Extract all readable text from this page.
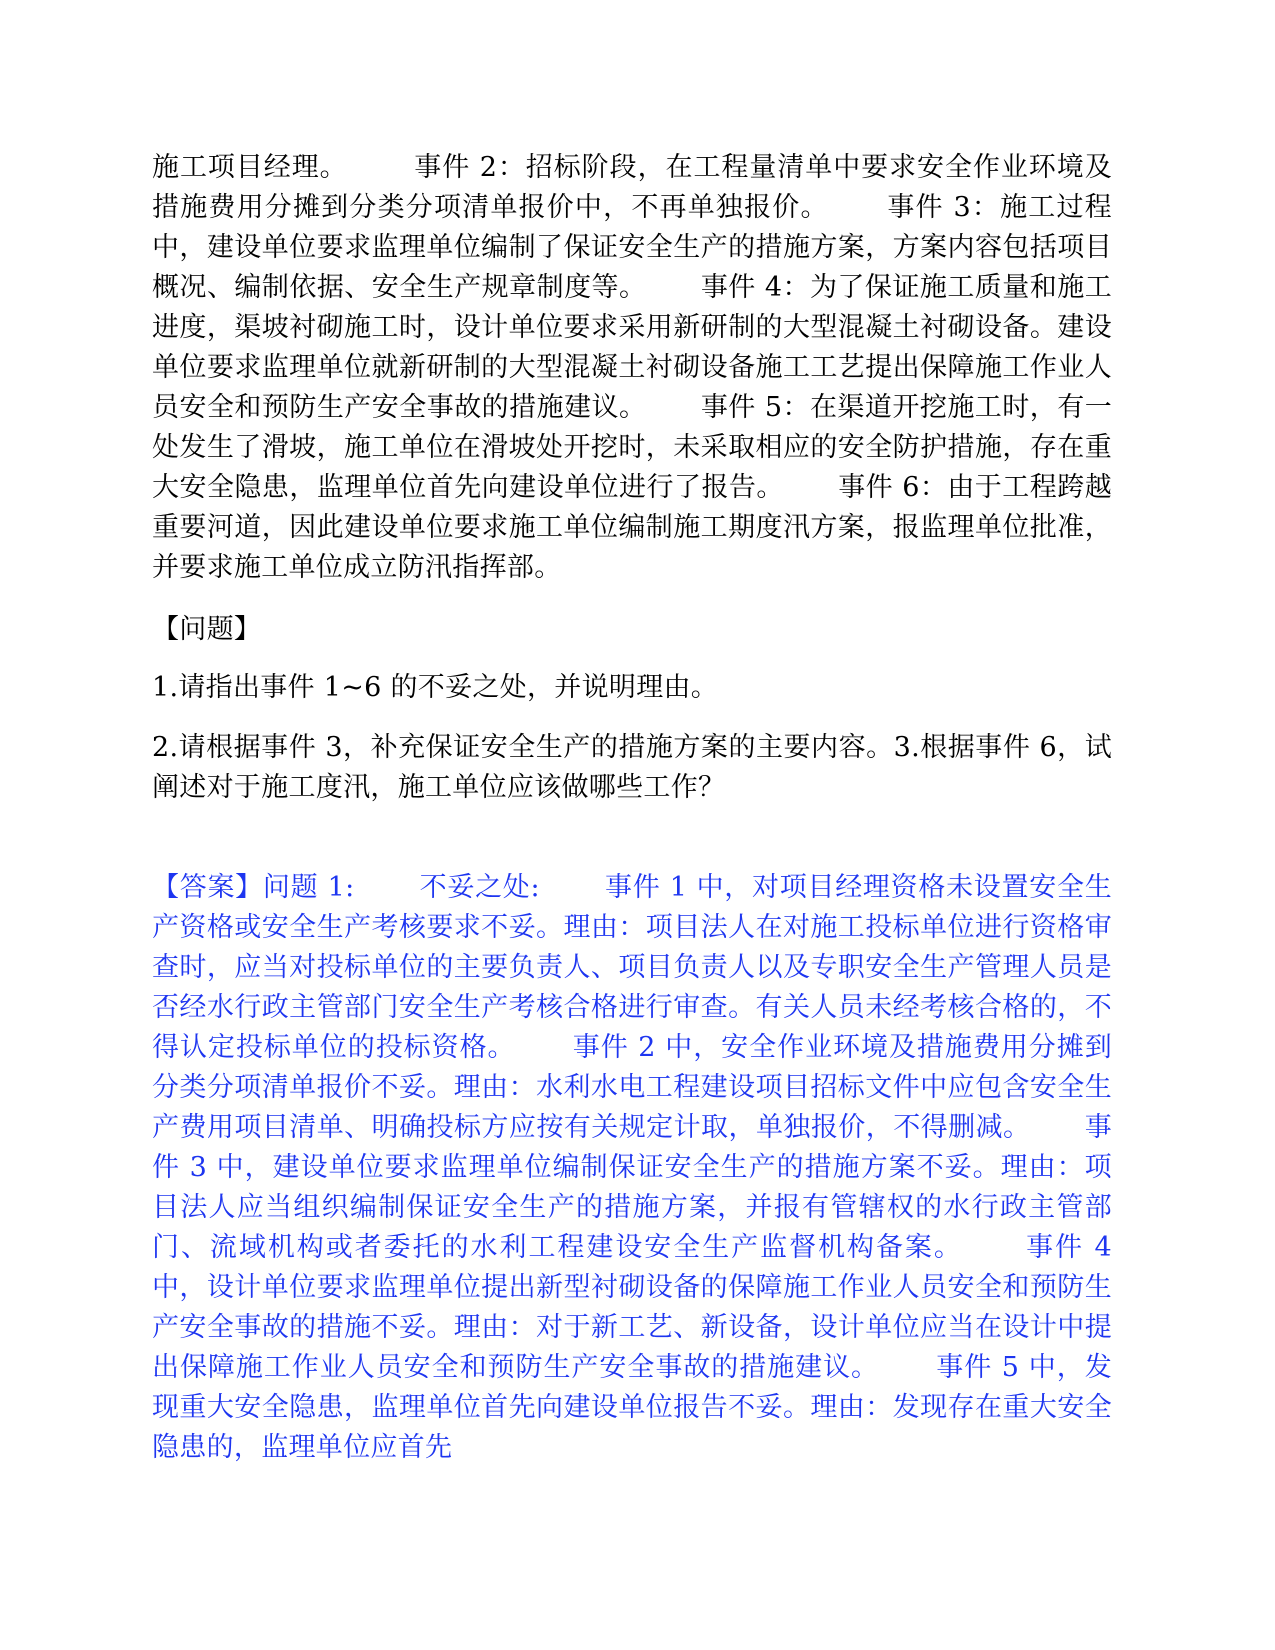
施工项目经理。       事件 2：招标阶段，在工程量清单中要求安全作业环境及措施费用分摊到分类分项清单报价中，不再单独报价。      事件 3：施工过程中，建设单位要求监理单位编制了保证安全生产的措施方案，方案内容包括项目概况、编制依据、安全生产规章制度等。      事件 4：为了保证施工质量和施工进度，渠坡衬砌施工时，设计单位要求采用新研制的大型混凝土衬砌设备。建设单位要求监理单位就新研制的大型混凝土衬砌设备施工工艺提出保障施工作业人员安全和预防生产安全事故的措施建议。      事件 5：在渠道开挖施工时，有一处发生了滑坡，施工单位在滑坡处开挖时，未采取相应的安全防护措施，存在重大安全隐患，监理单位首先向建设单位进行了报告。      事件 6：由于工程跨越重要河道，因此建设单位要求施工单位编制施工期度汛方案，报监理单位批准，并要求施工单位成立防汛指挥部。

【问题】

1.请指出事件 1~6 的不妥之处，并说明理由。

2.请根据事件 3，补充保证安全生产的措施方案的主要内容。3.根据事件 6，试阐述对于施工度汛，施工单位应该做哪些工作？

【答案】问题 1:       不妥之处:       事件 1 中，对项目经理资格未设置安全生产资格或安全生产考核要求不妥。理由：项目法人在对施工投标单位进行资格审查时，应当对投标单位的主要负责人、项目负责人以及专职安全生产管理人员是否经水行政主管部门安全生产考核合格进行审查。有关人员未经考核合格的，不得认定投标单位的投标资格。      事件 2 中，安全作业环境及措施费用分摊到分类分项清单报价不妥。理由：水利水电工程建设项目招标文件中应包含安全生产费用项目清单、明确投标方应按有关规定计取，单独报价，不得删减。      事件 3 中，建设单位要求监理单位编制保证安全生产的措施方案不妥。理由：项目法人应当组织编制保证安全生产的措施方案，并报有管辖权的水行政主管部门、流域机构或者委托的水利工程建设安全生产监督机构备案。      事件 4 中，设计单位要求监理单位提出新型衬砌设备的保障施工作业人员安全和预防生产安全事故的措施不妥。理由：对于新工艺、新设备，设计单位应当在设计中提出保障施工作业人员安全和预防生产安全事故的措施建议。      事件 5 中，发现重大安全隐患，监理单位首先向建设单位报告不妥。理由：发现存在重大安全隐患的，监理单位应首先
